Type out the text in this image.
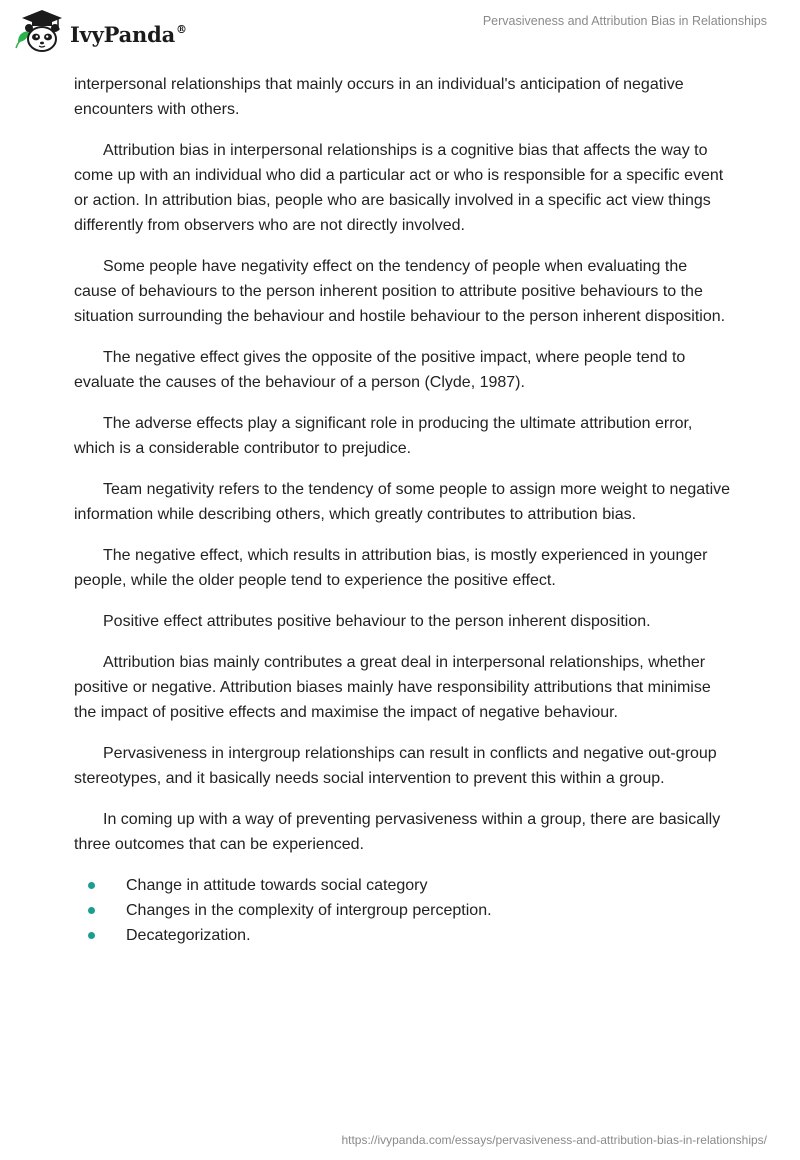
IvyPanda®
Pervasiveness and Attribution Bias in Relationships

interpersonal relationships that mainly occurs in an individual's anticipation of negative encounters with others.

Attribution bias in interpersonal relationships is a cognitive bias that affects the way to come up with an individual who did a particular act or who is responsible for a specific event or action. In attribution bias, people who are basically involved in a specific act view things differently from observers who are not directly involved.

Some people have negativity effect on the tendency of people when evaluating the cause of behaviours to the person inherent position to attribute positive behaviours to the situation surrounding the behaviour and hostile behaviour to the person inherent disposition.

The negative effect gives the opposite of the positive impact, where people tend to evaluate the causes of the behaviour of a person (Clyde, 1987).

The adverse effects play a significant role in producing the ultimate attribution error, which is a considerable contributor to prejudice.

Team negativity refers to the tendency of some people to assign more weight to negative information while describing others, which greatly contributes to attribution bias.

The negative effect, which results in attribution bias, is mostly experienced in younger people, while the older people tend to experience the positive effect.

Positive effect attributes positive behaviour to the person inherent disposition.

Attribution bias mainly contributes a great deal in interpersonal relationships, whether positive or negative. Attribution biases mainly have responsibility attributions that minimise the impact of positive effects and maximise the impact of negative behaviour.

Pervasiveness in intergroup relationships can result in conflicts and negative out-group stereotypes, and it basically needs social intervention to prevent this within a group.

In coming up with a way of preventing pervasiveness within a group, there are basically three outcomes that can be experienced.

Change in attitude towards social category
Changes in the complexity of intergroup perception.
Decategorization.
https://ivypanda.com/essays/pervasiveness-and-attribution-bias-in-relationships/
